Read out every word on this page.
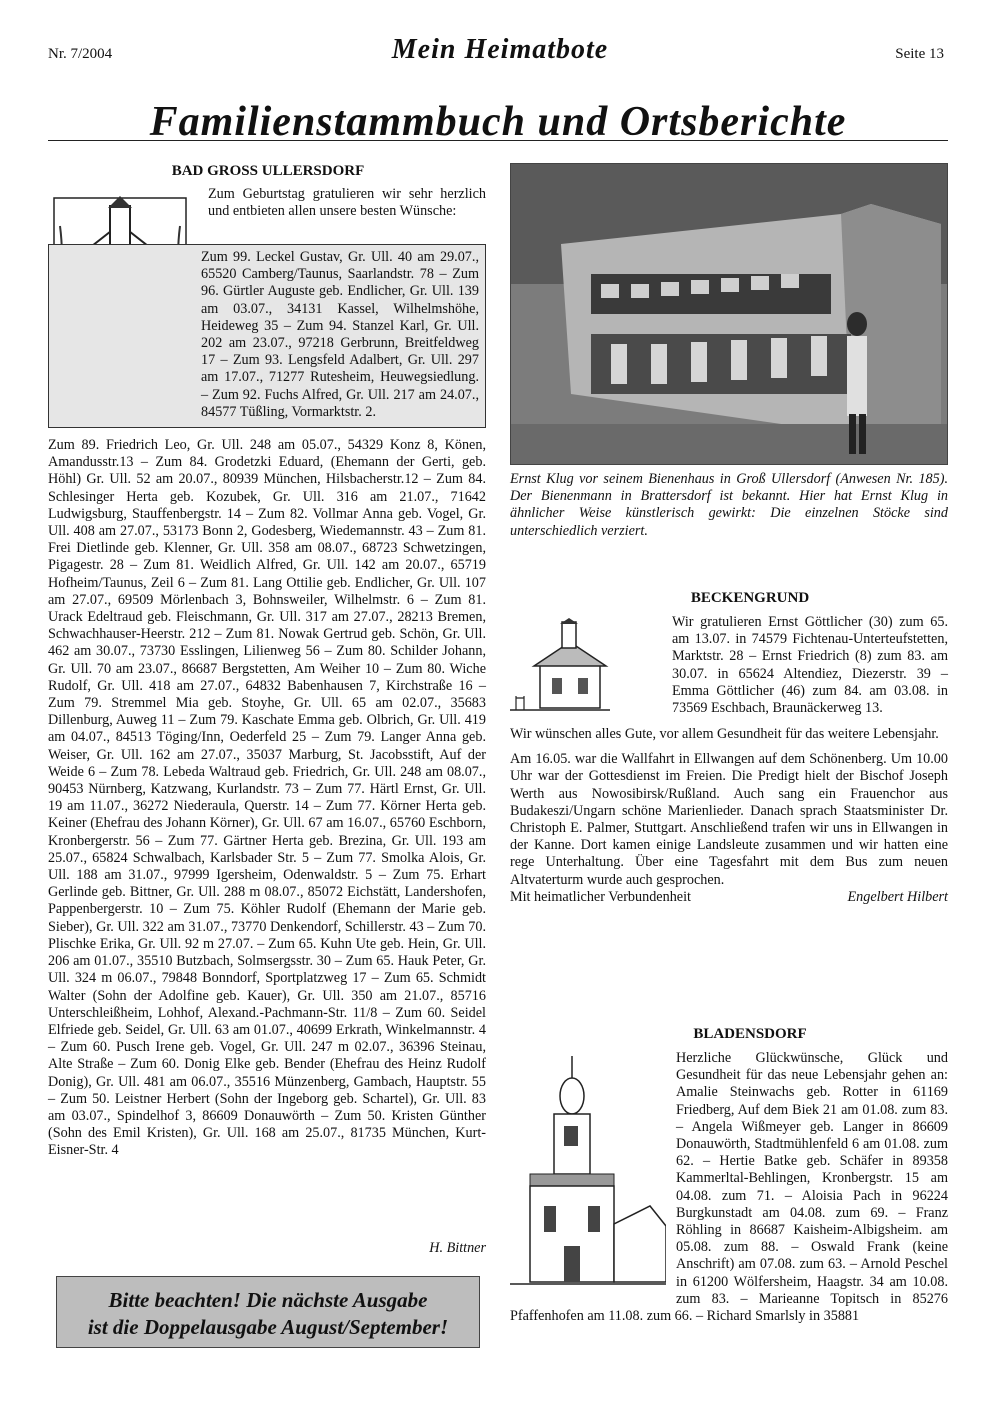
Nr. 7/2004	Mein Heimatbote	Seite 13
Familienstammbuch und Ortsberichte
BAD GROSS ULLERSDORF
Zum Geburtstag gratulieren wir sehr herzlich und entbieten allen unsere besten Wünsche:
Zum 99. Leckel Gustav, Gr. Ull. 40 am 29.07., 65520 Camberg/Taunus, Saarlandstr. 78 – Zum 96. Gürtler Auguste geb. Endlicher, Gr. Ull. 139 am 03.07., 34131 Kassel, Wilhelmshöhe, Heideweg 35 – Zum 94. Stanzel Karl, Gr. Ull. 202 am 23.07., 97218 Gerbrunn, Breitfeldweg 17 – Zum 93. Lengsfeld Adalbert, Gr. Ull. 297 am 17.07., 71277 Rutesheim, Heuwegsiedlung. – Zum 92. Fuchs Alfred, Gr. Ull. 217 am 24.07., 84577 Tüßling, Vormarktstr. 2.
Zum 89. Friedrich Leo, Gr. Ull. 248 am 05.07., 54329 Konz 8, Könen, Amandusstr.13 – Zum 84. Grodetzki Eduard, (Ehemann der Gerti, geb. Höhl) Gr. Ull. 52 am 20.07., 80939 München, Hilsbacherstr.12 – Zum 84. Schlesinger Herta geb. Kozubek, Gr. Ull. 316 am 21.07., 71642 Ludwigsburg, Stauffenbergstr. 14 – Zum 82. Vollmar Anna geb. Vogel, Gr. Ull. 408 am 27.07., 53173 Bonn 2, Godesberg, Wiedemannstr. 43 – Zum 81. Frei Dietlinde geb. Klenner, Gr. Ull. 358 am 08.07., 68723 Schwetzingen, Pigagestr. 28 – Zum 81. Weidlich Alfred, Gr. Ull. 142 am 20.07., 65719 Hofheim/Taunus, Zeil 6 – Zum 81. Lang Ottilie geb. Endlicher, Gr. Ull. 107 am 27.07., 69509 Mörlenbach 3, Bohnsweiler, Wilhelmstr. 6 – Zum 81. Urack Edeltraud geb. Fleischmann, Gr. Ull. 317 am 27.07., 28213 Bremen, Schwachhauser-Heerstr. 212 – Zum 81. Nowak Gertrud geb. Schön, Gr. Ull. 462 am 30.07., 73730 Esslingen, Lilienweg 56 – Zum 80. Schilder Johann, Gr. Ull. 70 am 23.07., 86687 Bergstetten, Am Weiher 10 – Zum 80. Wiche Rudolf, Gr. Ull. 418 am 27.07., 64832 Babenhausen 7, Kirchstraße 16 – Zum 79. Stremmel Mia geb. Stoyhe, Gr. Ull. 65 am 02.07., 35683 Dillenburg, Auweg 11 – Zum 79. Kaschate Emma geb. Olbrich, Gr. Ull. 419 am 04.07., 84513 Töging/Inn, Oederfeld 25 – Zum 79. Langer Anna geb. Weiser, Gr. Ull. 162 am 27.07., 35037 Marburg, St. Jacobsstift, Auf der Weide 6 – Zum 78. Lebeda Waltraud geb. Friedrich, Gr. Ull. 248 am 08.07., 90453 Nürnberg, Katzwang, Kurlandstr. 73 – Zum 77. Härtl Ernst, Gr. Ull. 19 am 11.07., 36272 Niederaula, Querstr. 14 – Zum 77. Körner Herta geb. Keiner (Ehefrau des Johann Körner), Gr. Ull. 67 am 16.07., 65760 Eschborn, Kronbergerstr. 56 – Zum 77. Gärtner Herta geb. Brezina, Gr. Ull. 193 am 25.07., 65824 Schwalbach, Karlsbader Str. 5 – Zum 77. Smolka Alois, Gr. Ull. 188 am 31.07., 97999 Igersheim, Odenwaldstr. 5 – Zum 75. Erhart Gerlinde geb. Bittner, Gr. Ull. 288 m 08.07., 85072 Eichstätt, Landershofen, Pappenbergerstr. 10 – Zum 75. Köhler Rudolf (Ehemann der Marie geb. Sieber), Gr. Ull. 322 am 31.07., 73770 Denkendorf, Schillerstr. 43 – Zum 70. Plischke Erika, Gr. Ull. 92 m 27.07. – Zum 65. Kuhn Ute geb. Hein, Gr. Ull. 206 am 01.07., 35510 Butzbach, Solmsergsstr. 30 – Zum 65. Hauk Peter, Gr. Ull. 324 m 06.07., 79848 Bonndorf, Sportplatzweg 17 – Zum 65. Schmidt Walter (Sohn der Adolfine geb. Kauer), Gr. Ull. 350 am 21.07., 85716 Unterschleißheim, Lohhof, Alexand.-Pachmann-Str. 11/8 – Zum 60. Seidel Elfriede geb. Seidel, Gr. Ull. 63 am 01.07., 40699 Erkrath, Winkelmannstr. 4 – Zum 60. Pusch Irene geb. Vogel, Gr. Ull. 247 m 02.07., 36396 Steinau, Alte Straße – Zum 60. Donig Elke geb. Bender (Ehefrau des Heinz Rudolf Donig), Gr. Ull. 481 am 06.07., 35516 Münzenberg, Gambach, Hauptstr. 55 – Zum 50. Leistner Herbert (Sohn der Ingeborg geb. Schartel), Gr. Ull. 83 am 03.07., Spindelhof 3, 86609 Donauwörth – Zum 50. Kristen Günther (Sohn des Emil Kristen), Gr. Ull. 168 am 25.07., 81735 München, Kurt-Eisner-Str. 4
H. Bittner
Bitte beachten! Die nächste Ausgabe
ist die Doppelausgabe August/September!
Ernst Klug vor seinem Bienenhaus in Groß Ullersdorf (Anwesen Nr. 185). Der Bienenmann in Brattersdorf ist bekannt. Hier hat Ernst Klug in ähnlicher Weise künstlerisch gewirkt: Die einzelnen Stöcke sind unterschiedlich verziert.
BECKENGRUND
Wir gratulieren Ernst Göttlicher (30) zum 65. am 13.07. in 74579 Fichtenau-Unterteufstetten, Marktstr. 28 – Ernst Friedrich (8) zum 83. am 30.07. in 65624 Altendiez, Diezerstr. 39 – Emma Göttlicher (46) zum 84. am 03.08. in 73569 Eschbach, Braunäckerweg 13.
Wir wünschen alles Gute, vor allem Gesundheit für das weitere Lebensjahr.
Am 16.05. war die Wallfahrt in Ellwangen auf dem Schönenberg. Um 10.00 Uhr war der Gottesdienst im Freien. Die Predigt hielt der Bischof Joseph Werth aus Nowosibirsk/Rußland. Auch sang ein Frauenchor aus Budakeszi/Ungarn schöne Marienlieder. Danach sprach Staatsminister Dr. Christoph E. Palmer, Stuttgart. Anschließend trafen wir uns in Ellwangen in der Kanne. Dort kamen einige Landsleute zusammen und wir hatten eine rege Unterhaltung. Über eine Tagesfahrt mit dem Bus zum neuen Altvaterturm wurde auch gesprochen.
Mit heimatlicher Verbundenheit	Engelbert Hilbert
BLADENSDORF
Herzliche Glückwünsche, Glück und Gesundheit für das neue Lebensjahr gehen an: Amalie Steinwachs geb. Rotter in 61169 Friedberg, Auf dem Biek 21 am 01.08. zum 83. – Angela Wißmeyer geb. Langer in 86609 Donauwörth, Stadtmühlenfeld 6 am 01.08. zum 62. – Hertie Batke geb. Schäfer in 89358 Kammerltal-Behlingen, Kronbergstr. 15 am 04.08. zum 71. – Aloisia Pach in 96224 Burgkunstadt am 04.08. zum 69. – Franz Röhling in 86687 Kaisheim-Albigsheim. am 05.08. zum 88. – Oswald Frank (keine Anschrift) am 07.08. zum 63. – Arnold Peschel in 61200 Wölfersheim, Haagstr. 34 am 10.08. zum 83. – Marieanne Topitsch in 85276 Pfaffenhofen am 11.08. zum 66. – Richard Smarlsly in 35881
